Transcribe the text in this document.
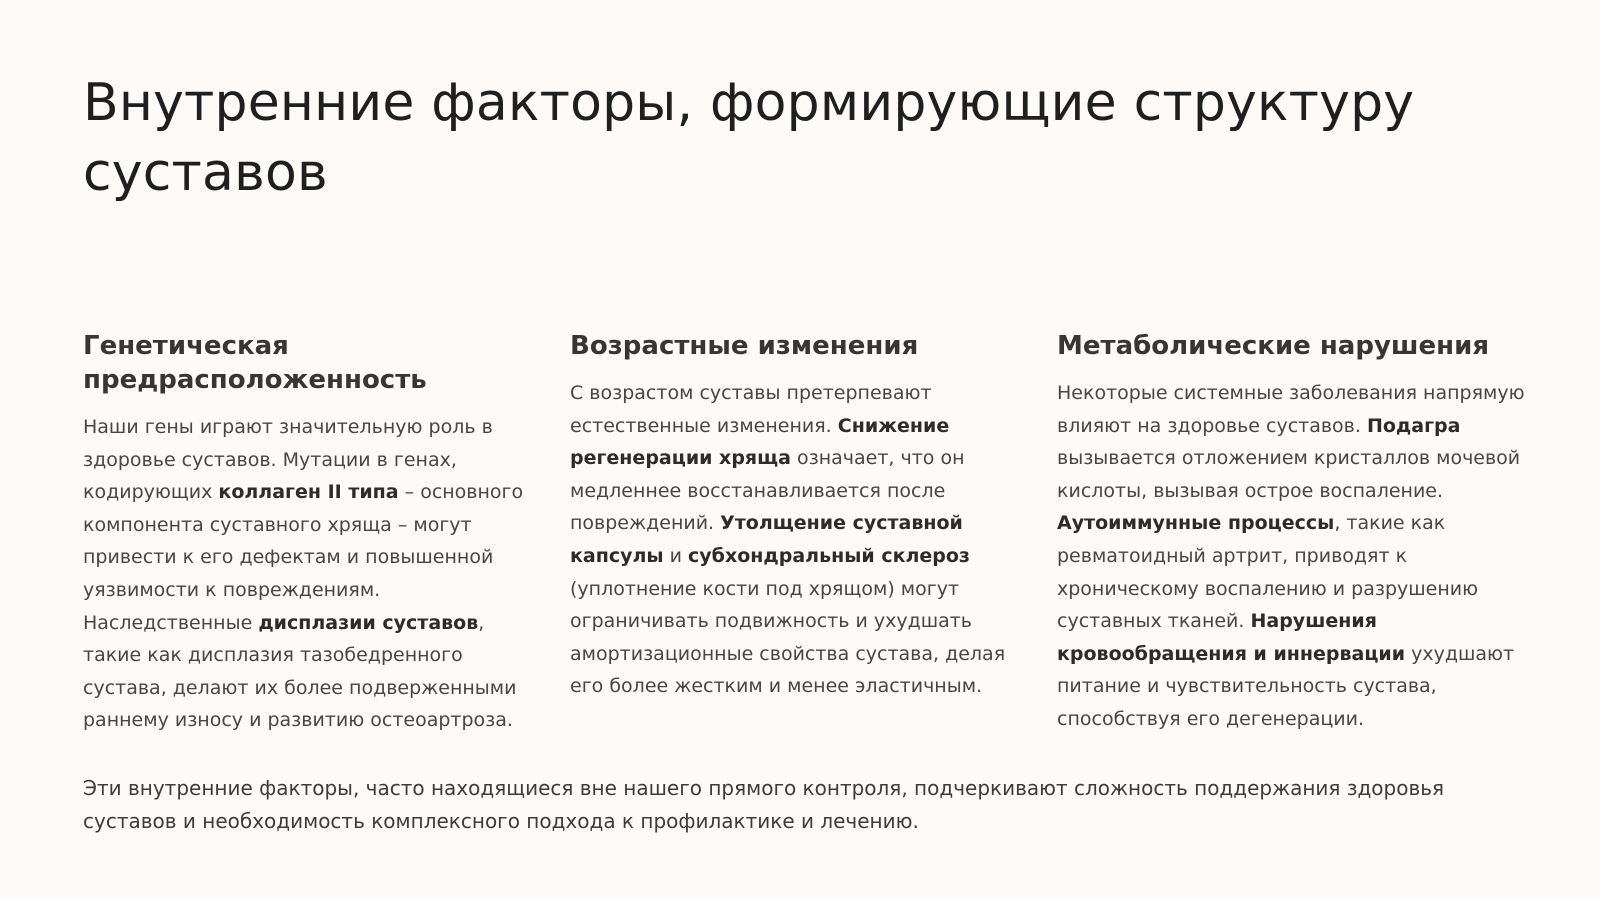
Внутренние факторы, формирующие структуру суставов
Генетическая предрасположенность

Наши гены играют значительную роль в здоровье суставов. Мутации в генах, кодирующих коллаген II типа – основного компонента суставного хряща – могут привести к его дефектам и повышенной уязвимости к повреждениям. Наследственные дисплазии суставов, такие как дисплазия тазобедренного сустава, делают их более подверженными раннему износу и развитию остеоартроза.

Возрастные изменения

С возрастом суставы претерпевают естественные изменения. Снижение регенерации хряща означает, что он медленнее восстанавливается после повреждений. Утолщение суставной капсулы и субхондральный склероз (уплотнение кости под хрящом) могут ограничивать подвижность и ухудшать амортизационные свойства сустава, делая его более жестким и менее эластичным.

Метаболические нарушения

Некоторые системные заболевания напрямую влияют на здоровье суставов. Подагра вызывается отложением кристаллов мочевой кислоты, вызывая острое воспаление. Аутоиммунные процессы, такие как ревматоидный артрит, приводят к хроническому воспалению и разрушению суставных тканей. Нарушения кровообращения и иннервации ухудшают питание и чувствительность сустава, способствуя его дегенерации.

Эти внутренние факторы, часто находящиеся вне нашего прямого контроля, подчеркивают сложность поддержания здоровья суставов и необходимость комплексного подхода к профилактике и лечению.
